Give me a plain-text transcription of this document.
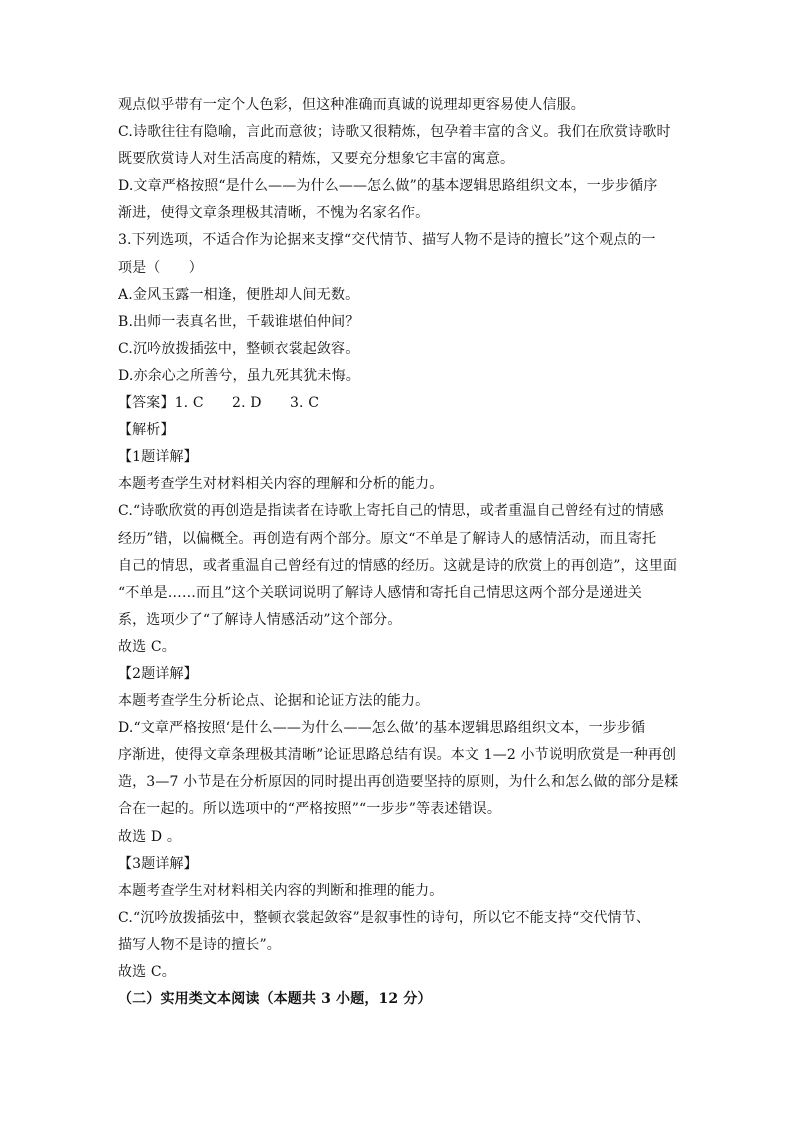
观点似乎带有一定个人色彩，但这种准确而真诚的说理却更容易使人信服。
C.诗歌往往有隐喻，言此而意彼；诗歌又很精炼，包孕着丰富的含义。我们在欣赏诗歌时
既要欣赏诗人对生活高度的精炼，又要充分想象它丰富的寓意。
D.文章严格按照“是什么——为什么——怎么做”的基本逻辑思路组织文本，一步步循序
渐进，使得文章条理极其清晰，不愧为名家名作。
3.下列选项，不适合作为论据来支撑“交代情节、描写人物不是诗的擅长”这个观点的一
项是（　　）
A.金风玉露一相逢，便胜却人间无数。
B.出师一表真名世，千载谁堪伯仲间？
C.沉吟放拨插弦中，整顿衣裳起敛容。
D.亦余心之所善兮，虽九死其犹未悔。
【答案】1. C　　2. D　　3. C
【解析】
【1题详解】
本题考查学生对材料相关内容的理解和分析的能力。
C.“诗歌欣赏的再创造是指读者在诗歌上寄托自己的情思，或者重温自己曾经有过的情感
经历”错，以偏概全。再创造有两个部分。原文“不单是了解诗人的感情活动，而且寄托
自己的情思，或者重温自己曾经有过的情感的经历。这就是诗的欣赏上的再创造”，这里面
“不单是……而且”这个关联词说明了解诗人感情和寄托自己情思这两个部分是递进关
系，选项少了“了解诗人情感活动”这个部分。
故选 C。
【2题详解】
本题考查学生分析论点、论据和论证方法的能力。
D.“文章严格按照‘是什么——为什么——怎么做’的基本逻辑思路组织文本，一步步循
序渐进，使得文章条理极其清晰”论证思路总结有误。本文 1—2 小节说明欣赏是一种再创
造，3—7 小节是在分析原因的同时提出再创造要坚持的原则，为什么和怎么做的部分是糅
合在一起的。所以选项中的“严格按照”“一步步”等表述错误。
故选 D 。
【3题详解】
本题考查学生对材料相关内容的判断和推理的能力。
C.“沉吟放拨插弦中，整顿衣裳起敛容”是叙事性的诗句，所以它不能支持“交代情节、
描写人物不是诗的擅长”。
故选 C。
（二）实用类文本阅读（本题共 3 小题，12 分）
